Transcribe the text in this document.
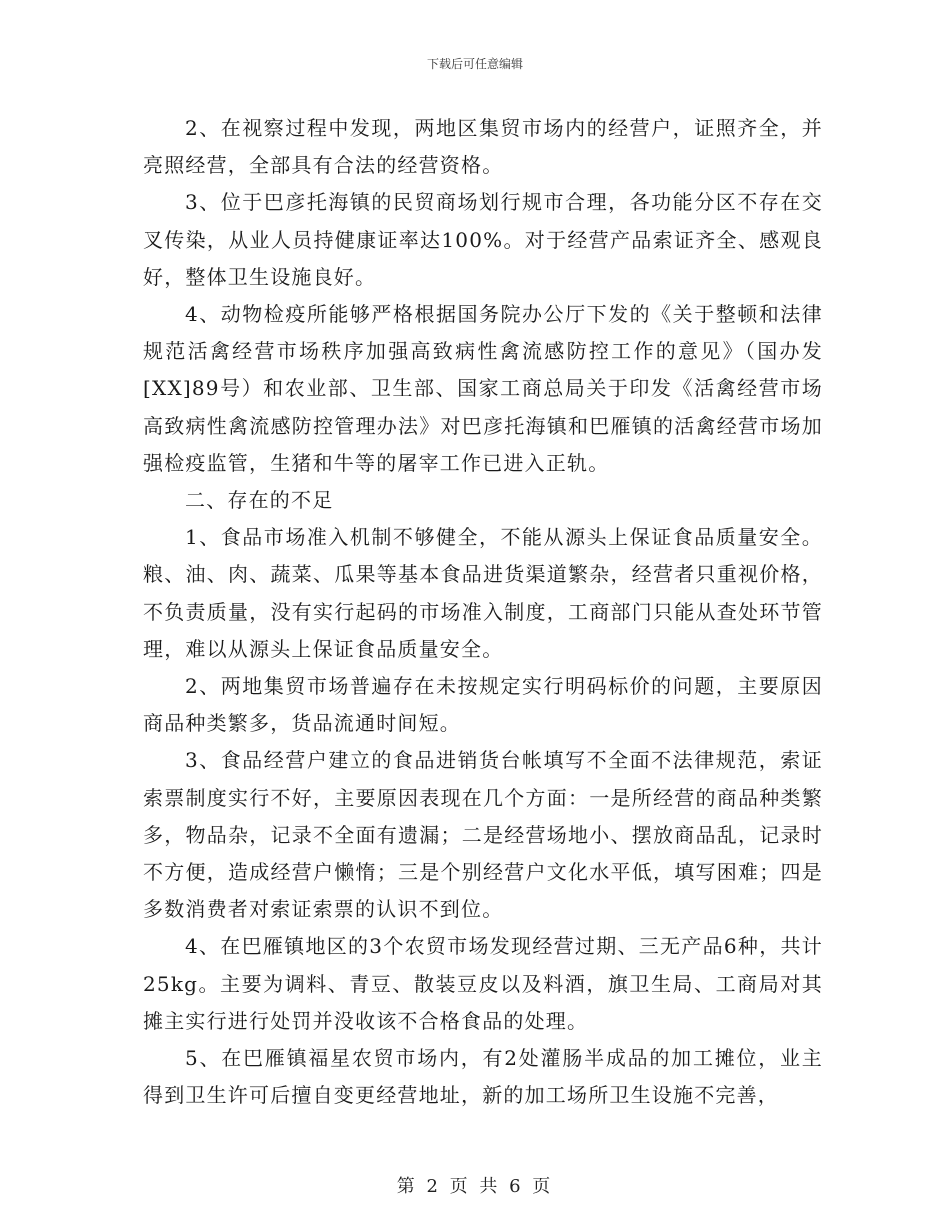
下载后可任意编辑

2、在视察过程中发现，两地区集贸市场内的经营户，证照齐全，并亮照经营，全部具有合法的经营资格。

3、位于巴彦托海镇的民贸商场划行规市合理，各功能分区不存在交叉传染，从业人员持健康证率达100%。对于经营产品索证齐全、感观良好，整体卫生设施良好。

4、动物检疫所能够严格根据国务院办公厅下发的《关于整顿和法律规范活禽经营市场秩序加强高致病性禽流感防控工作的意见》（国办发[XX]89号）和农业部、卫生部、国家工商总局关于印发《活禽经营市场高致病性禽流感防控管理办法》对巴彦托海镇和巴雁镇的活禽经营市场加强检疫监管，生猪和牛等的屠宰工作已进入正轨。

二、存在的不足

1、食品市场准入机制不够健全，不能从源头上保证食品质量安全。粮、油、肉、蔬菜、瓜果等基本食品进货渠道繁杂，经营者只重视价格，不负责质量，没有实行起码的市场准入制度，工商部门只能从查处环节管理，难以从源头上保证食品质量安全。

2、两地集贸市场普遍存在未按规定实行明码标价的问题，主要原因商品种类繁多，货品流通时间短。

3、食品经营户建立的食品进销货台帐填写不全面不法律规范，索证索票制度实行不好，主要原因表现在几个方面：一是所经营的商品种类繁多，物品杂，记录不全面有遗漏；二是经营场地小、摆放商品乱，记录时不方便，造成经营户懒惰；三是个别经营户文化水平低，填写困难；四是多数消费者对索证索票的认识不到位。

4、在巴雁镇地区的3个农贸市场发现经营过期、三无产品6种，共计25kg。主要为调料、青豆、散装豆皮以及料酒，旗卫生局、工商局对其摊主实行进行处罚并没收该不合格食品的处理。

5、在巴雁镇福星农贸市场内，有2处灌肠半成品的加工摊位，业主得到卫生许可后擅自变更经营地址，新的加工场所卫生设施不完善，

第 2 页 共 6 页
